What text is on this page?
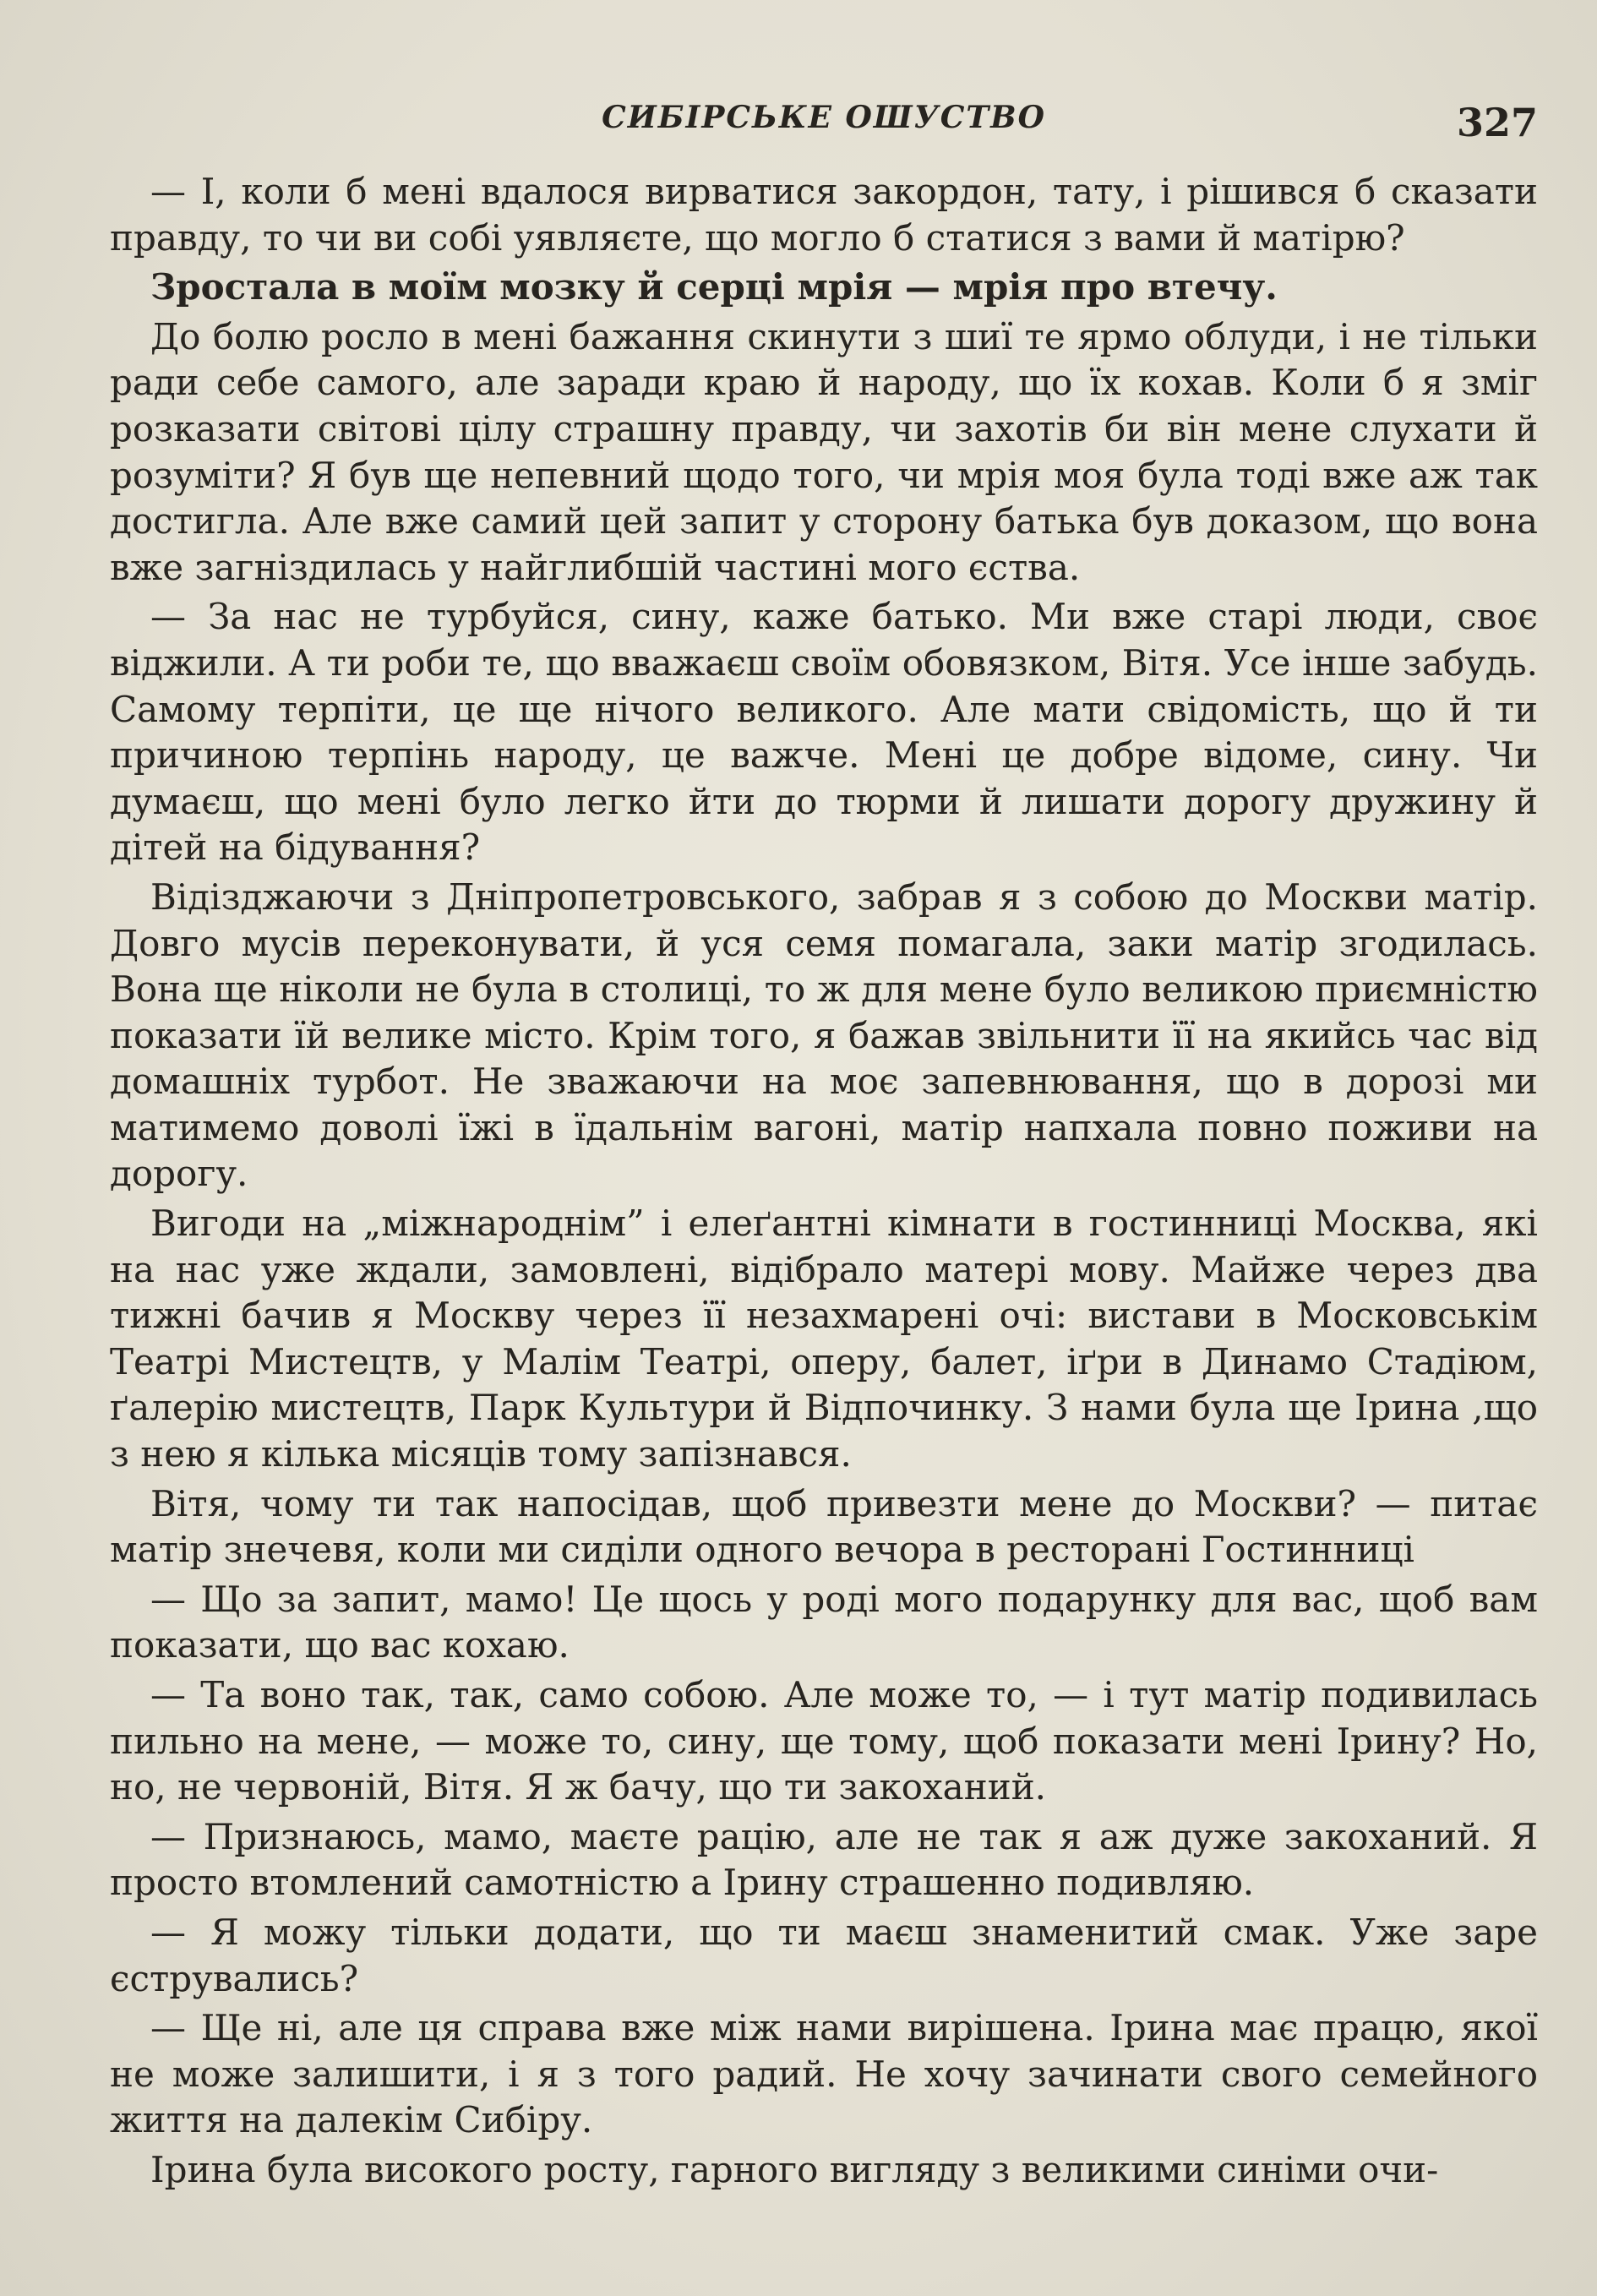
СИБІРСЬКЕ ОШУСТВО	327

— І, коли б мені вдалося вирватися закордон, тату, і рішився б сказати правду, то чи ви собі уявляєте, що могло б статися з вами й матірю?

Зростала в моїм мозку й серці мрія — мрія про втечу.

До болю росло в мені бажання скинути з шиї те ярмо облуди, і не тільки ради себе самого, але заради краю й народу, що їх кохав. Коли б я зміг розказати світові цілу страшну правду, чи захотів би він мене слухати й розуміти? Я був ще непевний щодо того, чи мрія моя була тоді вже аж так достигла. Але вже самий цей запит у сторону батька був доказом, що вона вже загніздилась у найглибшій частині мого єства.

— За нас не турбуйся, сину, каже батько. Ми вже старі люди, своє віджили. А ти роби те, що вважаєш своїм обовязком, Вітя. Усе інше забудь. Самому терпіти, це ще нічого великого. Але мати свідомість, що й ти причиною терпінь народу, це важче. Мені це добре відоме, сину. Чи думаєш, що мені було легко йти до тюрми й лишати дорогу дружину й дітей на бідування?

Відізджаючи з Дніпропетровського, забрав я з собою до Москви матір. Довго мусів переконувати, й уся семя помагала, заки матір згодилась. Вона ще ніколи не була в столиці, то ж для мене було великою приємністю показати їй велике місто. Крім того, я бажав звільнити її на якийсь час від домашніх турбот. Не зважаючи на моє запевнювання, що в дорозі ми матимемо доволі їжі в їдальнім вагоні, матір напхала повно поживи на дорогу.

Вигоди на „міжнароднім” і елеґантні кімнати в гостинниці Москва, які на нас уже ждали, замовлені, відібрало матері мову. Майже через два тижні бачив я Москву через її незахмарені очі: вистави в Московськім Театрі Мистецтв, у Малім Театрі, оперу, балет, іґри в Динамо Стадіюм, ґалерію мистецтв, Парк Культури й Відпочинку. З нами була ще Ірина ,що з нею я кілька місяців тому запізнався.

Вітя, чому ти так напосідав, щоб привезти мене до Москви? — питає матір знечевя, коли ми сиділи одного вечора в ресторані Гостинниці

— Що за запит, мамо! Це щось у роді мого подарунку для вас, щоб вам показати, що вас кохаю.

— Та воно так, так, само собою. Але може то, — і тут матір подивилась пильно на мене, — може то, сину, ще тому, щоб показати мені Ірину? Но, но, не червоній, Вітя. Я ж бачу, що ти закоханий.

— Признаюсь, мамо, маєте рацію, але не так я аж дуже закоханий. Я просто втомлений самотністю а Ірину страшенно подивляю.

— Я можу тільки додати, що ти маєш знаменитий смак. Уже заре єструвались?

— Ще ні, але ця справа вже між нами вирішена. Ірина має працю, якої не може залишити, і я з того радий. Не хочу зачинати свого семейного життя на далекім Сибіру.

Ірина була високого росту, гарного вигляду з великими синіми очи-
